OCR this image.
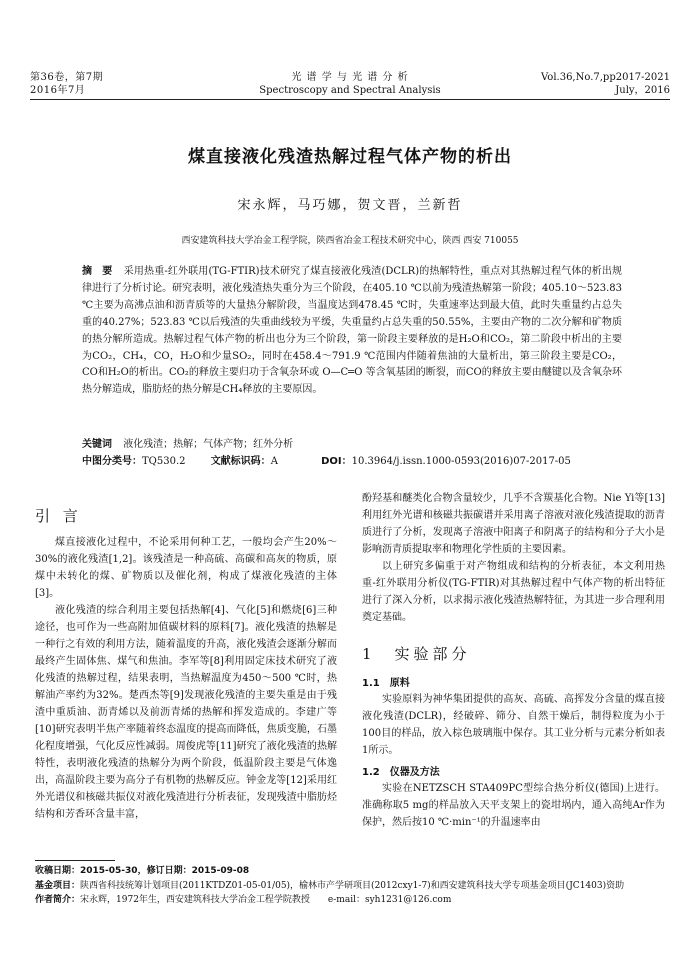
第36卷，第7期
2016年7月
光 谱 学 与 光 谱 分 析
Spectroscopy and Spectral Analysis
Vol.36,No.7,pp2017-2021
July，2016
煤直接液化残渣热解过程气体产物的析出
宋永辉，马巧娜，贺文晋，兰新哲
西安建筑科技大学冶金工程学院，陕西省冶金工程技术研究中心，陕西 西安 710055
摘　要 采用热重-红外联用(TG-FTIR)技术研究了煤直接液化残渣(DCLR)的热解特性，重点对其热解过程气体的析出规律进行了分析讨论。研究表明，液化残渣热失重分为三个阶段，在405.10 ℃以前为残渣热解第一阶段；405.10～523.83 ℃主要为高沸点油和沥青质等的大量热分解阶段，当温度达到478.45 ℃时，失重速率达到最大值，此时失重量约占总失重的40.27%；523.83 ℃以后残渣的失重曲线较为平缓，失重量约占总失重的50.55%，主要由产物的二次分解和矿物质的热分解所造成。热解过程气体产物的析出也分为三个阶段，第一阶段主要释放的是H₂O和CO₂，第二阶段中析出的主要为CO₂，CH₄，CO，H₂O和少量SO₂，同时在458.4～791.9 ℃范围内伴随着焦油的大量析出，第三阶段主要是CO₂，CO和H₂O的析出。CO₂的释放主要归功于含氧杂环或 O—C═O 等含氧基团的断裂，而CO的释放主要由醚键以及含氧杂环热分解造成，脂肪烃的热分解是CH₄释放的主要原因。
关键词 液化残渣；热解；气体产物；红外分析
中图分类号：TQ530.2	文献标识码：A	DOI：10.3964/j.issn.1000-0593(2016)07-2017-05
引 言
煤直接液化过程中，不论采用何种工艺，一般均会产生20%～30%的液化残渣[1,2]。该残渣是一种高硫、高碳和高灰的物质，原煤中未转化的煤、矿物质以及催化剂，构成了煤液化残渣的主体[3]。
液化残渣的综合利用主要包括热解[4]、气化[5]和燃烧[6]三种途径，也可作为一些高附加值碳材料的原料[7]。液化残渣的热解是一种行之有效的利用方法，随着温度的升高，液化残渣会逐渐分解而最终产生固体焦、煤气和焦油。李军等[8]利用固定床技术研究了液化残渣的热解过程，结果表明，当热解温度为450～500 ℃时，热解油产率约为32%。楚西杰等[9]发现液化残渣的主要失重是由于残渣中重质油、沥青烯以及前沥青烯的热解和挥发造成的。李建广等[10]研究表明半焦产率随着终态温度的提高而降低，焦质变脆，石墨化程度增强，气化反应性减弱。周俊虎等[11]研究了液化残渣的热解特性，表明液化残渣的热解分为两个阶段，低温阶段主要是气体逸出，高温阶段主要为高分子有机物的热解反应。钟金龙等[12]采用红外光谱仪和核磁共振仪对液化残渣进行分析表征，发现残渣中脂肪烃结构和芳香环含量丰富，
酚羟基和醚类化合物含量较少，几乎不含羰基化合物。Nie Yi等[13]利用红外光谱和核磁共振碳谱并采用离子溶液对液化残渣提取的沥青质进行了分析，发现离子溶液中阳离子和阴离子的结构和分子大小是影响沥青质提取率和物理化学性质的主要因素。
以上研究多偏重于对产物组成和结构的分析表征，本文利用热重-红外联用分析仪(TG-FTIR)对其热解过程中气体产物的析出特征进行了深入分析，以求揭示液化残渣热解特征，为其进一步合理利用奠定基础。
1　实验部分
1.1　原料
实验原料为神华集团提供的高灰、高硫、高挥发分含量的煤直接液化残渣(DCLR)，经破碎、筛分、自然干燥后，制得粒度为小于100目的样品，放入棕色玻璃瓶中保存。其工业分析与元素分析如表1所示。
1.2　仪器及方法
实验在NETZSCH STA409PC型综合热分析仪(德国)上进行。准确称取5 mg的样品放入天平支架上的瓷坩埚内，通入高纯Ar作为保护，然后按10 ℃·min⁻¹的升温速率由
收稿日期：2015-05-30，修订日期：2015-09-08
基金项目： 陕西省科技统筹计划项目(2011KTDZ01-05-01/05)，榆林市产学研项目(2012cxy1-7)和西安建筑科技大学专项基金项目(JC1403)资助
作者简介： 宋永辉，1972年生，西安建筑科技大学冶金工程学院教授　　e-mail：syh1231@126.com
